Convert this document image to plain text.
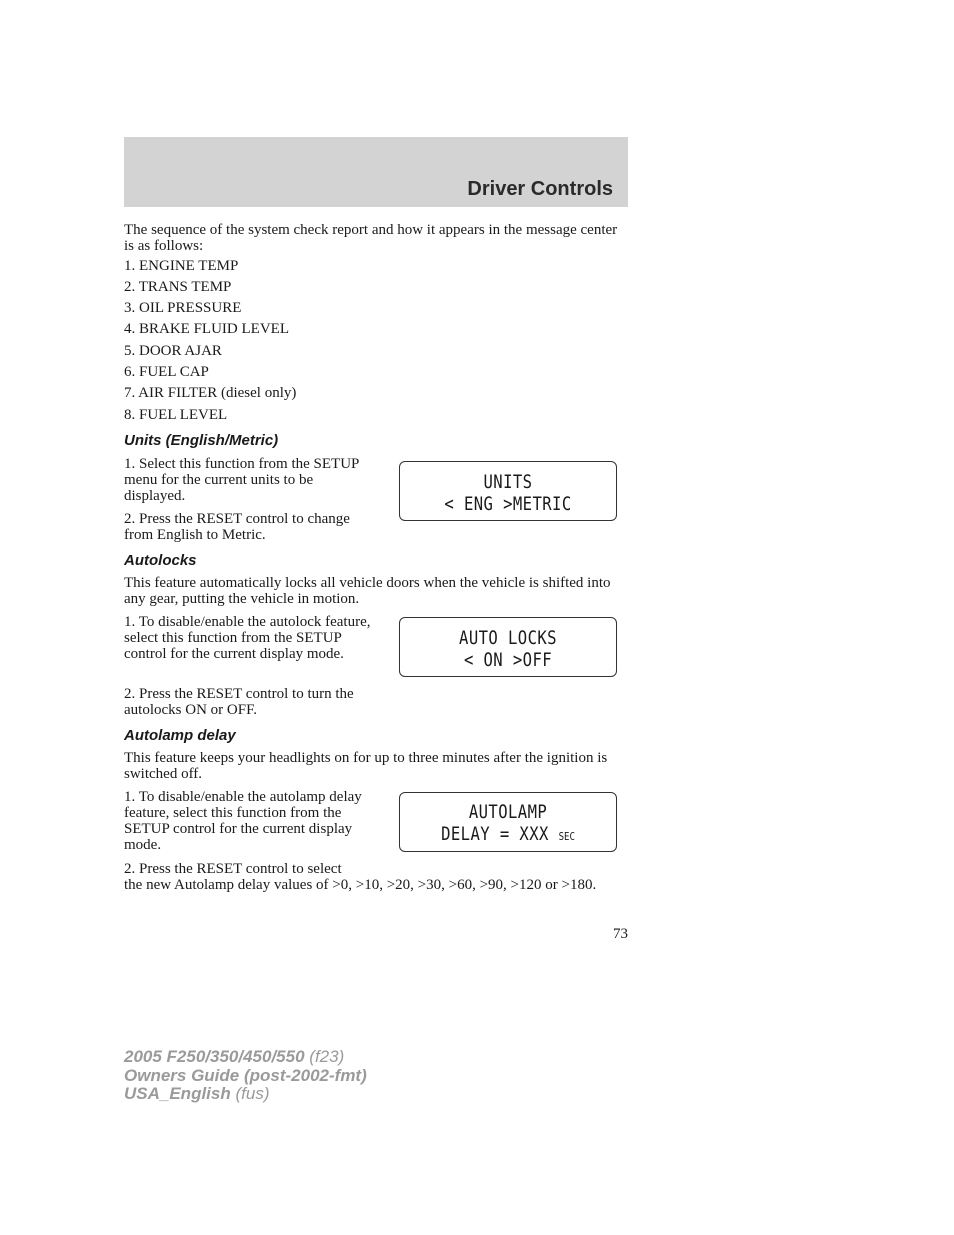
Driver Controls
The sequence of the system check report and how it appears in the message center is as follows:
1. ENGINE TEMP
2. TRANS TEMP
3. OIL PRESSURE
4. BRAKE FLUID LEVEL
5. DOOR AJAR
6. FUEL CAP
7. AIR FILTER (diesel only)
8. FUEL LEVEL
Units (English/Metric)
1. Select this function from the SETUP menu for the current units to be displayed.
2. Press the RESET control to change from English to Metric.
UNITS
< ENG >METRIC
Autolocks
This feature automatically locks all vehicle doors when the vehicle is shifted into any gear, putting the vehicle in motion.
1. To disable/enable the autolock feature, select this function from the SETUP control for the current display mode.
2. Press the RESET control to turn the autolocks ON or OFF.
AUTO LOCKS
< ON >OFF
Autolamp delay
This feature keeps your headlights on for up to three minutes after the ignition is switched off.
1. To disable/enable the autolamp delay feature, select this function from the SETUP control for the current display mode.
2. Press the RESET control to select
the new Autolamp delay values of >0, >10, >20, >30, >60, >90, >120 or >180.
AUTOLAMP
DELAY = XXX SEC
73
2005 F250/350/450/550 (f23)
Owners Guide (post-2002-fmt)
USA_English (fus)
